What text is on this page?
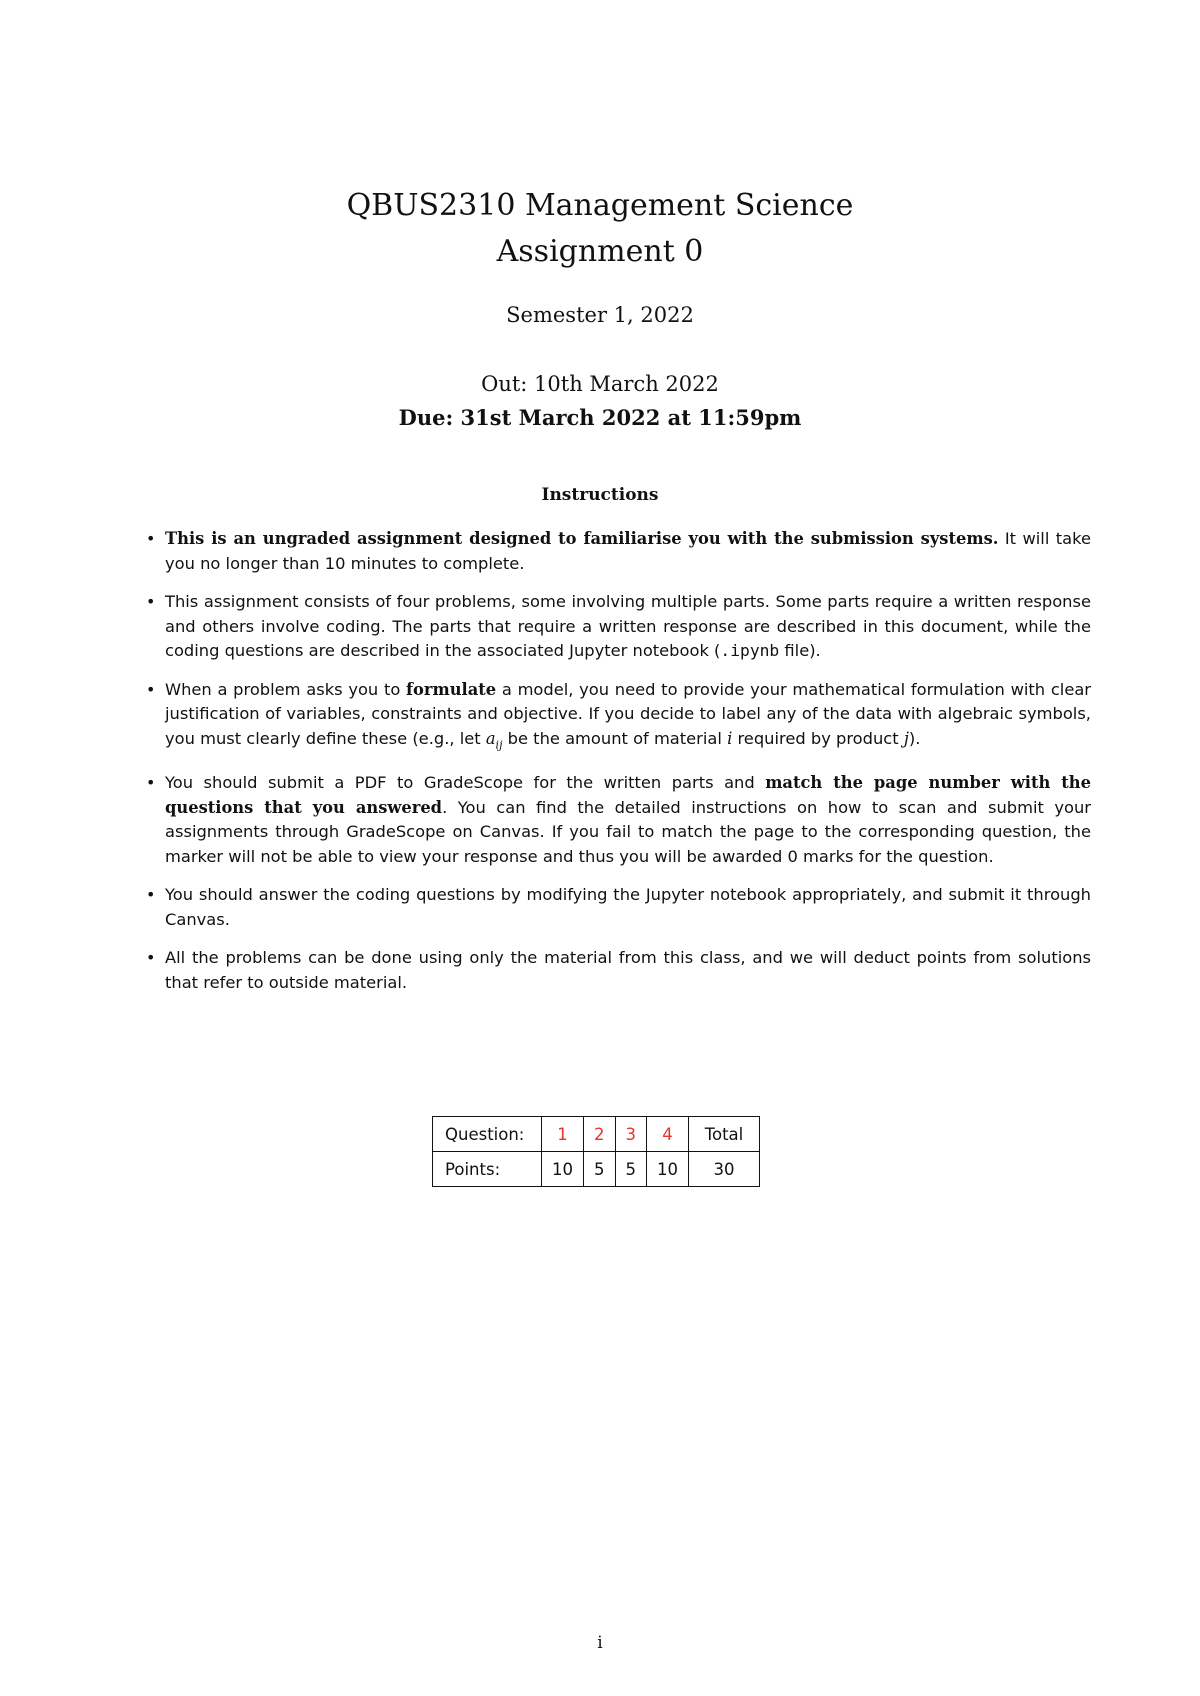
QBUS2310 Management Science
Assignment 0
Semester 1, 2022
Out: 10th March 2022
Due: 31st March 2022 at 11:59pm
Instructions
• This is an ungraded assignment designed to familiarise you with the submission systems. It will take you no longer than 10 minutes to complete.
• This assignment consists of four problems, some involving multiple parts. Some parts require a written response and others involve coding. The parts that require a written response are described in this document, while the coding questions are described in the associated Jupyter notebook (.ipynb file).
• When a problem asks you to formulate a model, you need to provide your mathematical formulation with clear justification of variables, constraints and objective. If you decide to label any of the data with algebraic symbols, you must clearly define these (e.g., let $a_{ij}$ be the amount of material i required by product j).
• You should submit a PDF to GradeScope for the written parts and match the page number with the questions that you answered. You can find the detailed instructions on how to scan and submit your assignments through GradeScope on Canvas. If you fail to match the page to the corresponding question, the marker will not be able to view your response and thus you will be awarded 0 marks for the question.
• You should answer the coding questions by modifying the Jupyter notebook appropriately, and submit it through Canvas.
• All the problems can be done using only the material from this class, and we will deduct points from solutions that refer to outside material.
Question:	1	2	3	4	Total
Points:	10	5	5	10	30
i
